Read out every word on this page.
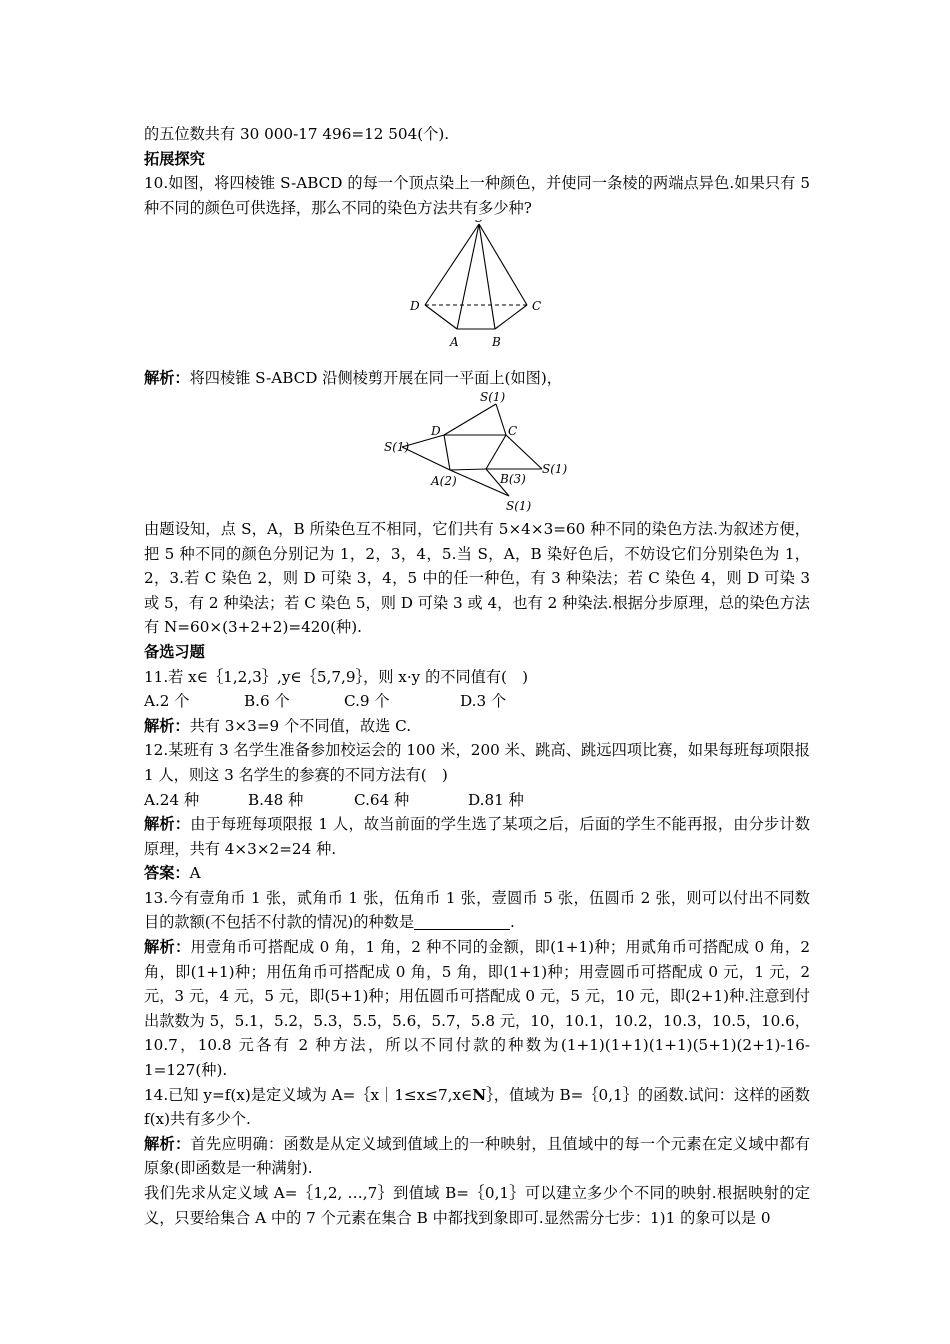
的五位数共有 30 000-17 496=12 504(个).

拓展探究

10.如图，将四棱锥 S-ABCD 的每一个顶点染上一种颜色，并使同一条棱的两端点异色.如果只有 5 种不同的颜色可供选择，那么不同的染色方法共有多少种?

D	C
A	B

解析：将四棱锥 S-ABCD 沿侧棱剪开展在同一平面上(如图)，

S(1)
D	C
S(1)
A(2)	B(3)
S(1)
S(1)

由题设知，点 S，A，B 所染色互不相同，它们共有 5×4×3=60 种不同的染色方法.为叙述方便，把 5 种不同的颜色分别记为 1，2，3，4，5.当 S，A，B 染好色后，不妨设它们分别染色为 1，2，3.若 C 染色 2，则 D 可染 3，4，5 中的任一种色，有 3 种染法；若 C 染色 4，则 D 可染 3 或 5，有 2 种染法；若 C 染色 5，则 D 可染 3 或 4，也有 2 种染法.根据分步原理，总的染色方法有 N=60×(3+2+2)=420(种).

备选习题

11.若 x∈｛1,2,3｝,y∈｛5,7,9｝，则 x·y 的不同值有(　)

A.2 个	B.6 个	C.9 个	D.3 个

解析：共有 3×3=9 个不同值，故选 C.

12.某班有 3 名学生准备参加校运会的 100 米，200 米、跳高、跳远四项比赛，如果每班每项限报 1 人，则这 3 名学生的参赛的不同方法有(　)

A.24 种	B.48 种	C.64 种	D.81 种

解析：由于每班每项限报 1 人，故当前面的学生选了某项之后，后面的学生不能再报，由分步计数原理，共有 4×3×2=24 种.

答案：A

13.今有壹角币 1 张，贰角币 1 张，伍角币 1 张，壹圆币 5 张，伍圆币 2 张，则可以付出不同数目的款额(不包括不付款的情况)的种数是	.

解析：用壹角币可搭配成 0 角，1 角，2 种不同的金额，即(1+1)种；用贰角币可搭配成 0 角，2 角，即(1+1)种；用伍角币可搭配成 0 角，5 角，即(1+1)种；用壹圆币可搭配成 0 元，1 元，2 元，3 元，4 元，5 元，即(5+1)种；用伍圆币可搭配成 0 元，5 元，10 元，即(2+1)种.注意到付出款数为 5，5.1，5.2，5.3，5.5，5.6，5.7，5.8 元，10，10.1，10.2，10.3，10.5，10.6，10.7，10.8 元各有 2 种方法，所以不同付款的种数为(1+1)(1+1)(1+1)(5+1)(2+1)-16-1=127(种).

14.已知 y=f(x)是定义域为 A=｛x｜1≤x≤7,x∈N｝，值域为 B=｛0,1｝的函数.试问：这样的函数 f(x)共有多少个.

解析：首先应明确：函数是从定义域到值域上的一种映射，且值域中的每一个元素在定义域中都有原象(即函数是一种满射).

我们先求从定义域 A=｛1,2, …,7｝到值域 B=｛0,1｝可以建立多少个不同的映射.根据映射的定义，只要给集合 A 中的 7 个元素在集合 B 中都找到象即可.显然需分七步：1)1 的象可以是 0
